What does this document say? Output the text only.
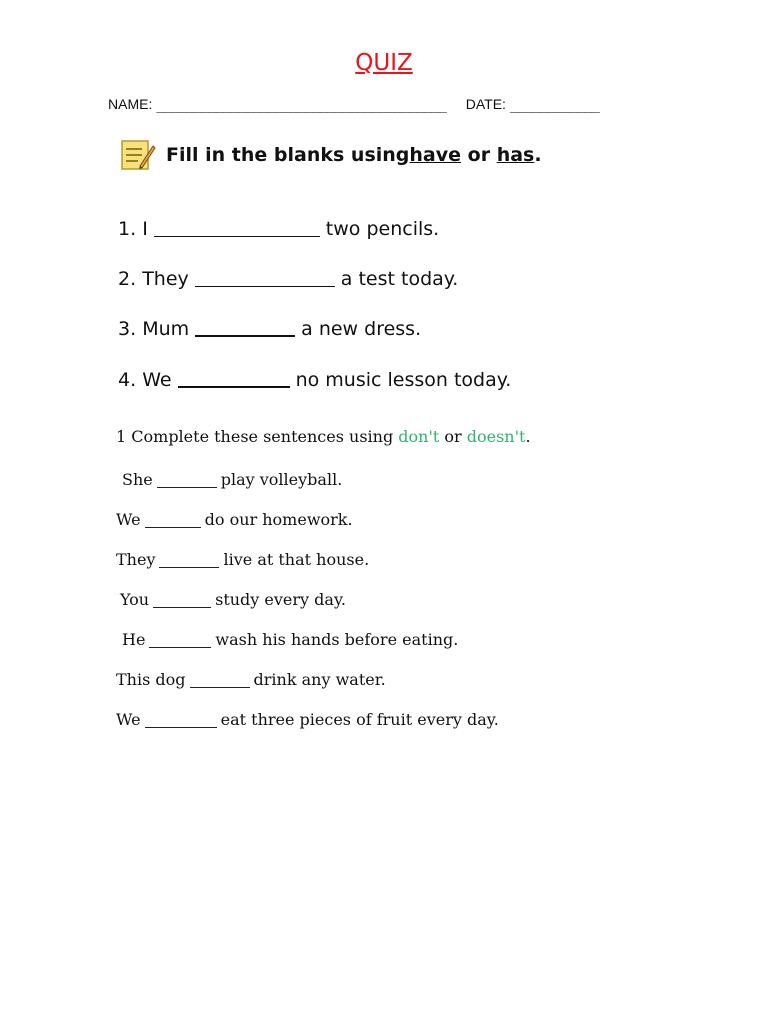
QUIZ
NAME: _______________________________________ DATE: ____________
Fill in the blanks using have or has .
1. I	two pencils.
2. They	a test today.
3. Mum	a new dress.
4. We	no music lesson today.
1 Complete these sentences using don't or doesn't.
She	play volleyball.
We	do our homework.
They	live at that house.
You	study every day.
He	wash his hands before eating.
This dog	drink any water.
We	eat three pieces of fruit every day.
